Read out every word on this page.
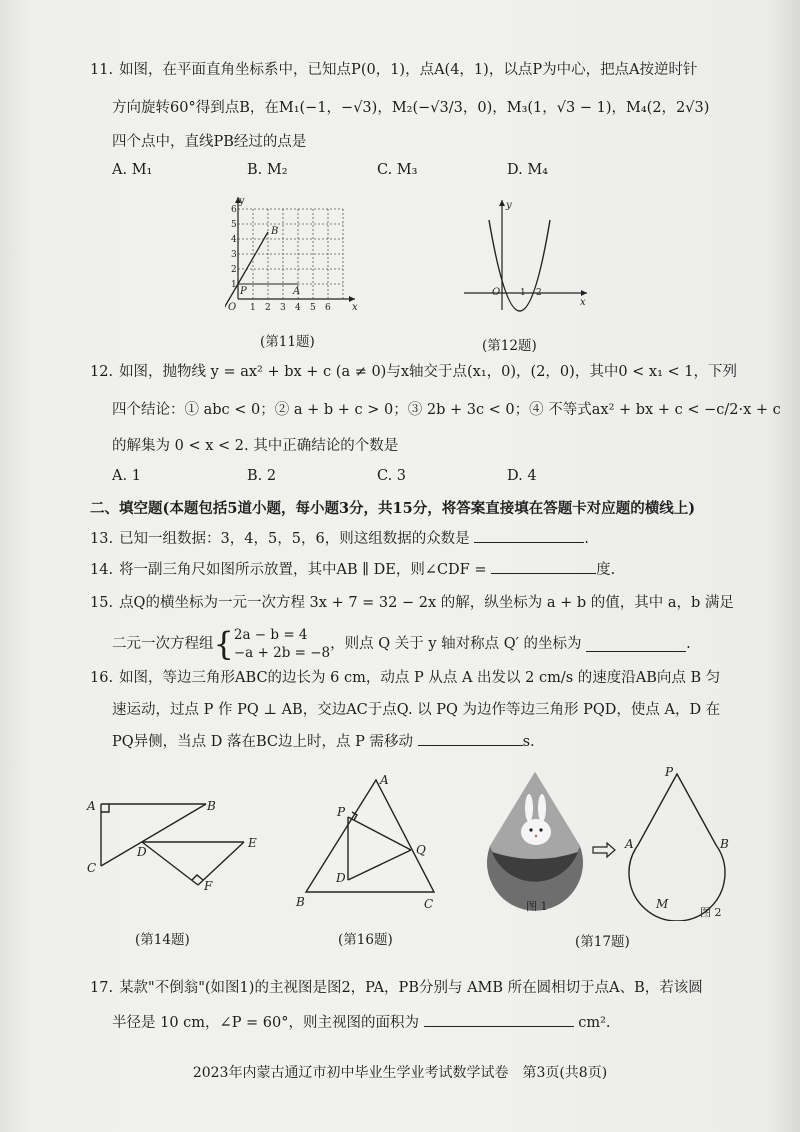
11. 如图，在平面直角坐标系中，已知点P(0，1)，点A(4，1)，以点P为中心，把点A按逆时针
方向旋转60°得到点B，在M₁(−1，−√3)，M₂(−√3/3，0)，M₃(1，√3 − 1)，M₄(2，2√3)
四个点中，直线PB经过的点是
A. M₁	B. M₂	C. M₃	D. M₄
y
x
O
1
2
3
4
5
6
1 2 3 4 5 6
P	A
B
(第11题)
y
x
O 1 2
(第12题)
12. 如图，抛物线 y = ax² + bx + c (a ≠ 0)与x轴交于点(x₁，0)，(2，0)，其中0 < x₁ < 1，下列
四个结论：① abc < 0；② a + b + c > 0；③ 2b + 3c < 0；④ 不等式ax² + bx + c < −c/2·x + c
的解集为 0 < x < 2. 其中正确结论的个数是
A. 1	B. 2	C. 3	D. 4
二、填空题(本题包括5道小题，每小题3分，共15分，将答案直接填在答题卡对应题的横线上)
13. 已知一组数据：3，4，5，5，6，则这组数据的众数是	.
14. 将一副三角尺如图所示放置，其中AB ∥ DE，则∠CDF =	度.
15. 点Q的横坐标为一元一次方程 3x + 7 = 32 − 2x 的解，纵坐标为 a + b 的值，其中 a，b 满足
二元一次方程组{2a − b = 4
−a + 2b = −8，则点 Q 关于 y 轴对称点 Q′ 的坐标为	.
16. 如图，等边三角形ABC的边长为 6 cm，动点 P 从点 A 出发以 2 cm/s 的速度沿AB向点 B 匀
速运动，过点 P 作 PQ ⊥ AB，交边AC于点Q. 以 PQ 为边作等边三角形 PQD，使点 A，D 在
PQ异侧，当点 D 落在BC边上时，点 P 需移动	s.
A	B
C
D
E
F
(第14题)
A
B	C
D
P
Q
(第16题)
图 1
P
A	B
M
图 2
(第17题)
17. 某款"不倒翁"(如图1)的主视图是图2，PA，PB分别与 AMB 所在圆相切于点A、B，若该圆
半径是 10 cm，∠P = 60°，则主视图的面积为	cm².
2023年内蒙古通辽市初中毕业生学业考试数学试卷　第3页(共8页)
